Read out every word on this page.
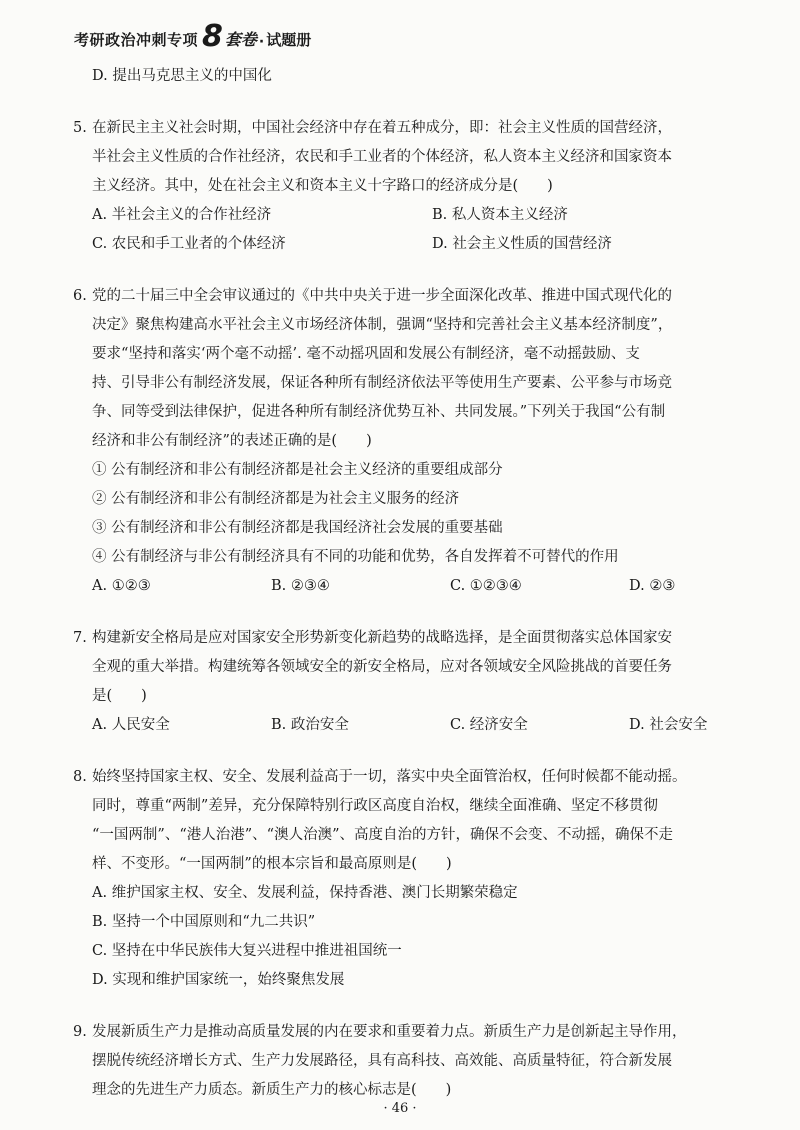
考研政治冲刺专项 8 套卷 · 试题册
D. 提出马克思主义的中国化
5. 在新民主主义社会时期，中国社会经济中存在着五种成分，即：社会主义性质的国营经济，
半社会主义性质的合作社经济，农民和手工业者的个体经济，私人资本主义经济和国家资本
主义经济。其中，处在社会主义和资本主义十字路口的经济成分是(　　)
A. 半社会主义的合作社经济	B. 私人资本主义经济
C. 农民和手工业者的个体经济	D. 社会主义性质的国营经济
6. 党的二十届三中全会审议通过的《中共中央关于进一步全面深化改革、推进中国式现代化的
决定》聚焦构建高水平社会主义市场经济体制，强调“坚持和完善社会主义基本经济制度”，
要求“坚持和落实‘两个毫不动摇’. 毫不动摇巩固和发展公有制经济，毫不动摇鼓励、支
持、引导非公有制经济发展，保证各种所有制经济依法平等使用生产要素、公平参与市场竞
争、同等受到法律保护，促进各种所有制经济优势互补、共同发展。”下列关于我国“公有制
经济和非公有制经济”的表述正确的是(　　)
① 公有制经济和非公有制经济都是社会主义经济的重要组成部分
② 公有制经济和非公有制经济都是为社会主义服务的经济
③ 公有制经济和非公有制经济都是我国经济社会发展的重要基础
④ 公有制经济与非公有制经济具有不同的功能和优势，各自发挥着不可替代的作用
A. ①②③	B. ②③④	C. ①②③④	D. ②③
7. 构建新安全格局是应对国家安全形势新变化新趋势的战略选择，是全面贯彻落实总体国家安
全观的重大举措。构建统筹各领域安全的新安全格局，应对各领域安全风险挑战的首要任务
是(　　)
A. 人民安全	B. 政治安全	C. 经济安全	D. 社会安全
8. 始终坚持国家主权、安全、发展利益高于一切，落实中央全面管治权，任何时候都不能动摇。
同时，尊重“两制”差异，充分保障特别行政区高度自治权，继续全面准确、坚定不移贯彻
“一国两制”、“港人治港”、“澳人治澳”、高度自治的方针，确保不会变、不动摇，确保不走
样、不变形。“一国两制”的根本宗旨和最高原则是(　　)
A. 维护国家主权、安全、发展利益，保持香港、澳门长期繁荣稳定
B. 坚持一个中国原则和“九二共识”
C. 坚持在中华民族伟大复兴进程中推进祖国统一
D. 实现和维护国家统一，始终聚焦发展
9. 发展新质生产力是推动高质量发展的内在要求和重要着力点。新质生产力是创新起主导作用，
摆脱传统经济增长方式、生产力发展路径，具有高科技、高效能、高质量特征，符合新发展
理念的先进生产力质态。新质生产力的核心标志是(　　)
· 46 ·
